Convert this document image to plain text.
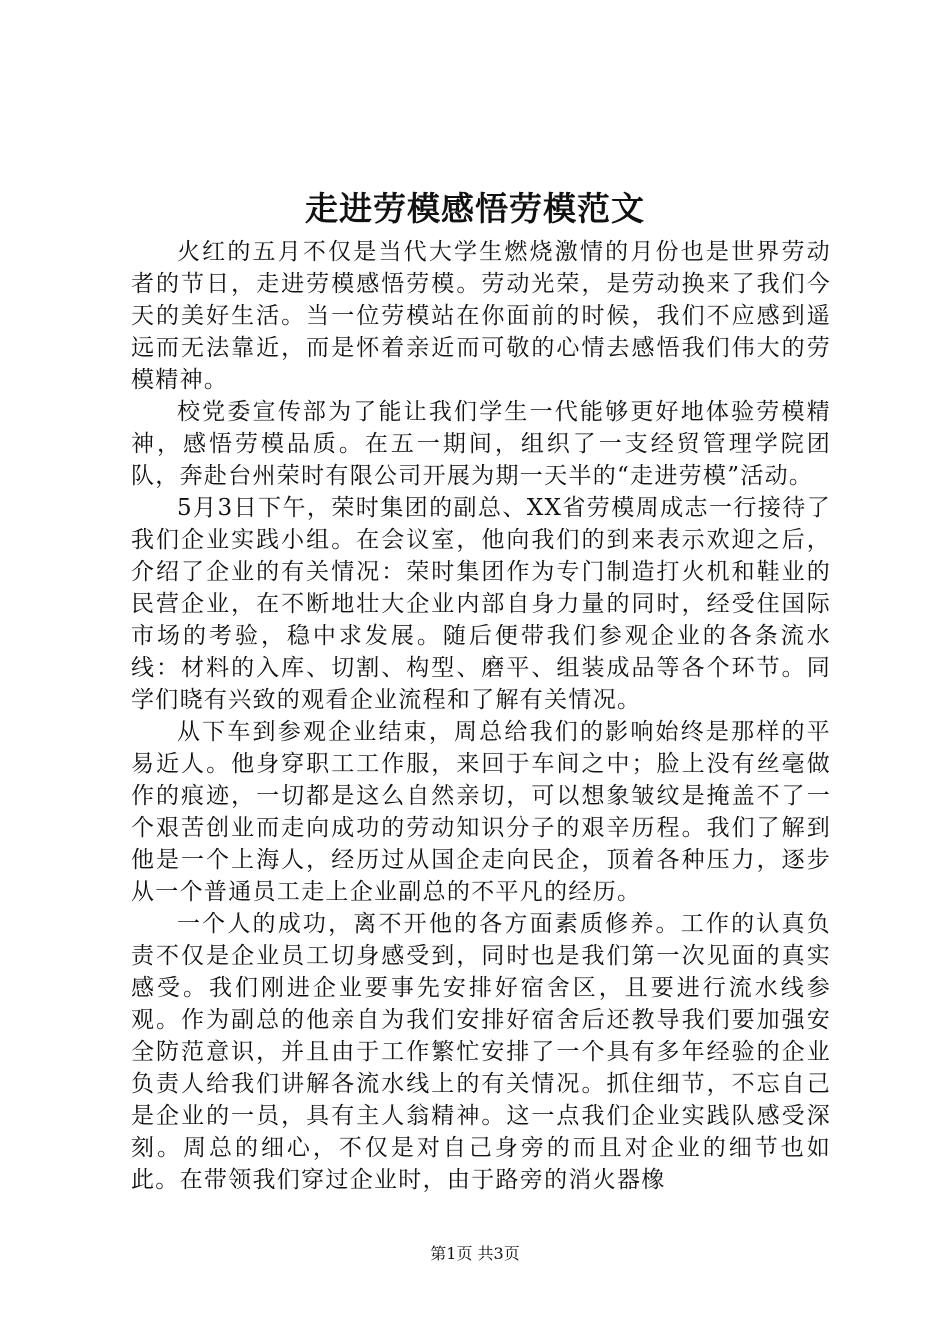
走进劳模感悟劳模范文

火红的五月不仅是当代大学生燃烧激情的月份也是世界劳动者的节日，走进劳模感悟劳模。劳动光荣，是劳动换来了我们今天的美好生活。当一位劳模站在你面前的时候，我们不应感到遥远而无法靠近，而是怀着亲近而可敬的心情去感悟我们伟大的劳模精神。

校党委宣传部为了能让我们学生一代能够更好地体验劳模精神，感悟劳模品质。在五一期间，组织了一支经贸管理学院团队，奔赴台州荣时有限公司开展为期一天半的“走进劳模”活动。

5月3日下午，荣时集团的副总、XX省劳模周成志一行接待了我们企业实践小组。在会议室，他向我们的到来表示欢迎之后，介绍了企业的有关情况：荣时集团作为专门制造打火机和鞋业的民营企业，在不断地壮大企业内部自身力量的同时，经受住国际市场的考验，稳中求发展。随后便带我们参观企业的各条流水线：材料的入库、切割、构型、磨平、组装成品等各个环节。同学们晓有兴致的观看企业流程和了解有关情况。

从下车到参观企业结束，周总给我们的影响始终是那样的平易近人。他身穿职工工作服，来回于车间之中；脸上没有丝毫做作的痕迹，一切都是这么自然亲切，可以想象皱纹是掩盖不了一个艰苦创业而走向成功的劳动知识分子的艰辛历程。我们了解到他是一个上海人，经历过从国企走向民企，顶着各种压力，逐步从一个普通员工走上企业副总的不平凡的经历。

一个人的成功，离不开他的各方面素质修养。工作的认真负责不仅是企业员工切身感受到，同时也是我们第一次见面的真实感受。我们刚进企业要事先安排好宿舍区，且要进行流水线参观。作为副总的他亲自为我们安排好宿舍后还教导我们要加强安全防范意识，并且由于工作繁忙安排了一个具有多年经验的企业负责人给我们讲解各流水线上的有关情况。抓住细节，不忘自己是企业的一员，具有主人翁精神。这一点我们企业实践队感受深刻。周总的细心，不仅是对自己身旁的而且对企业的细节也如此。在带领我们穿过企业时，由于路旁的消火器橡

第1页 共3页
